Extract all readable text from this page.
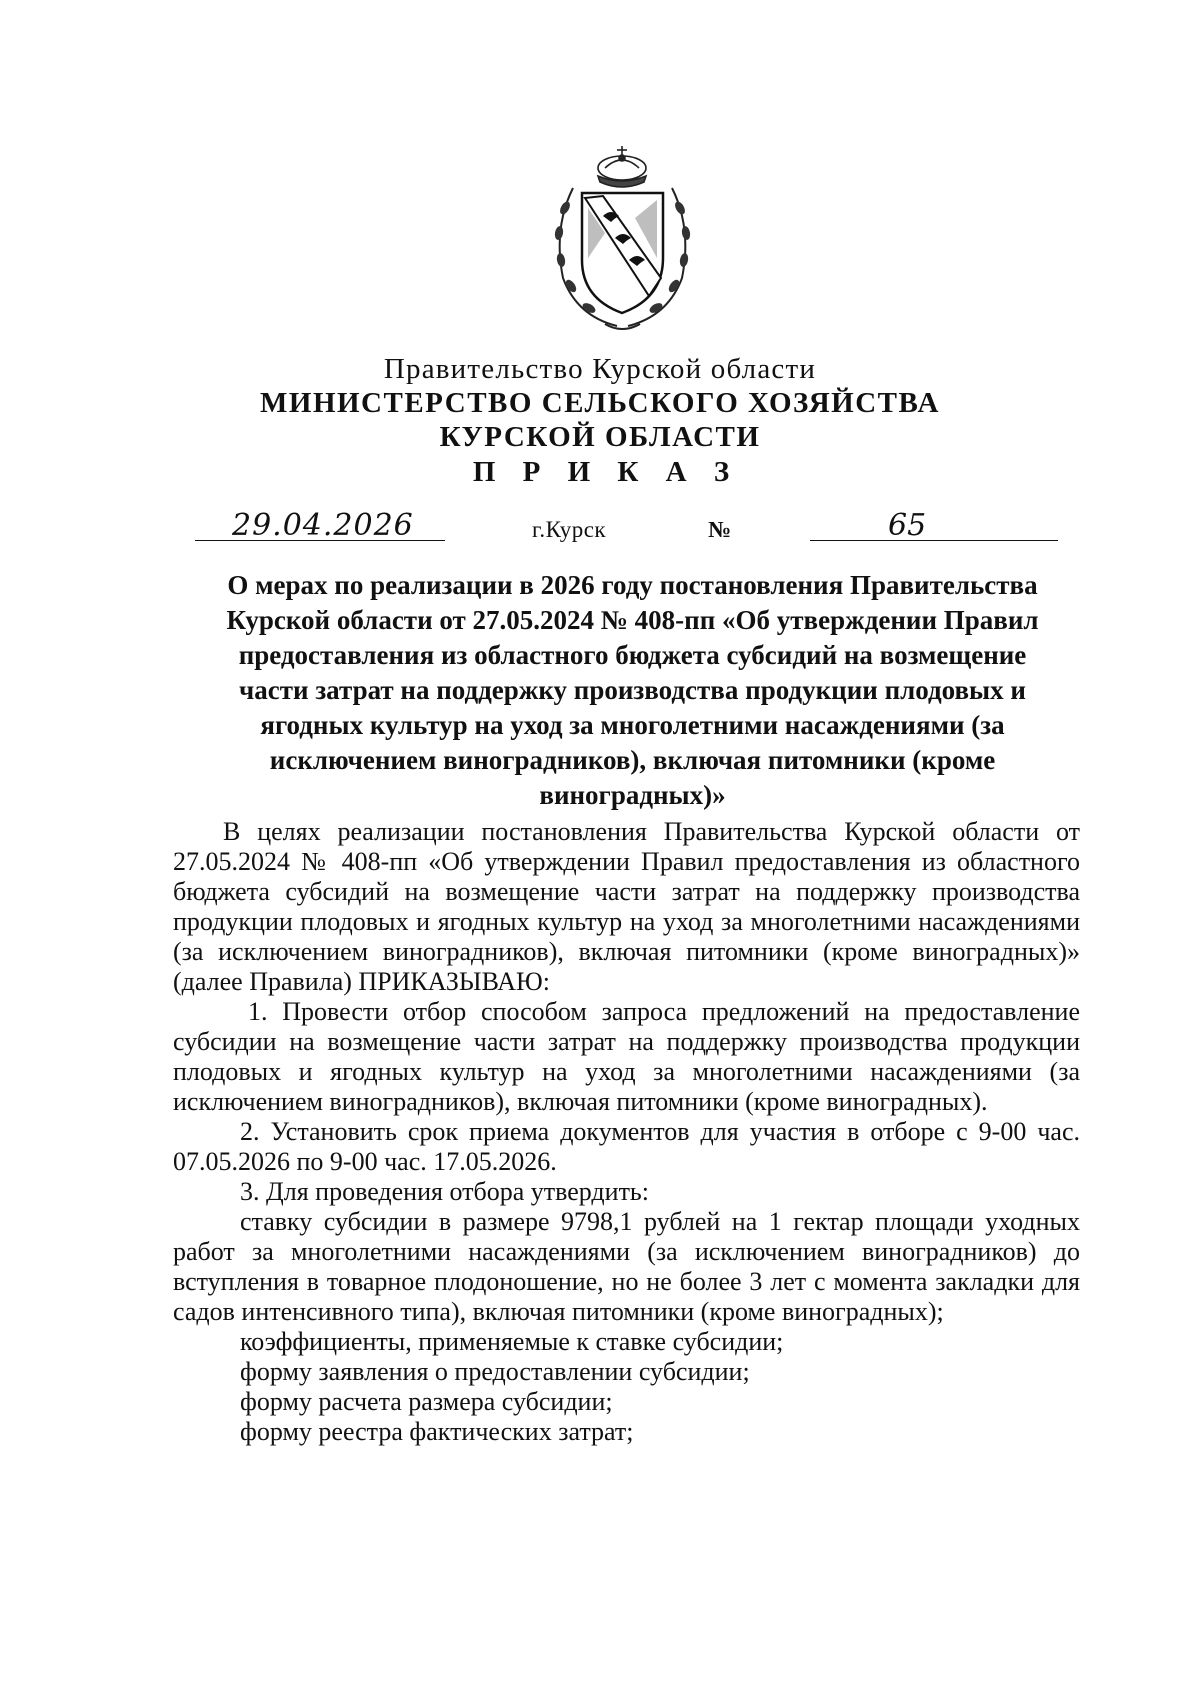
Правительство Курской области
МИНИСТЕРСТВО СЕЛЬСКОГО ХОЗЯЙСТВА
КУРСКОЙ ОБЛАСТИ
П Р И К А З
29.04.2026	г.Курск	№	65
О мерах по реализации в 2026 году постановления Правительства
Курской области от 27.05.2024 № 408-пп «Об утверждении Правил
предоставления из областного бюджета субсидий на возмещение
части затрат на поддержку производства продукции плодовых и
ягодных культур на уход за многолетними насаждениями (за
исключением виноградников), включая питомники (кроме
виноградных)»

В целях реализации постановления Правительства Курской области от 27.05.2024 № 408-пп «Об утверждении Правил предоставления из областного бюджета субсидий на возмещение части затрат на поддержку производства продукции плодовых и ягодных культур на уход за многолетними насаждениями (за исключением виноградников), включая питомники (кроме виноградных)» (далее Правила) ПРИКАЗЫВАЮ:

1. Провести отбор способом запроса предложений на предоставление субсидии на возмещение части затрат на поддержку производства продукции плодовых и ягодных культур на уход за многолетними насаждениями (за исключением виноградников), включая питомники (кроме виноградных).

2. Установить срок приема документов для участия в отборе с 9-00 час. 07.05.2026 по 9-00 час. 17.05.2026.

3. Для проведения отбора утвердить:

ставку субсидии в размере 9798,1 рублей на 1 гектар площади уходных работ за многолетними насаждениями (за исключением виноградников) до вступления в товарное плодоношение, но не более 3 лет с момента закладки для садов интенсивного типа), включая питомники (кроме виноградных);

коэффициенты, применяемые к ставке субсидии;

форму заявления о предоставлении субсидии;

форму расчета размера субсидии;

форму реестра фактических затрат;
